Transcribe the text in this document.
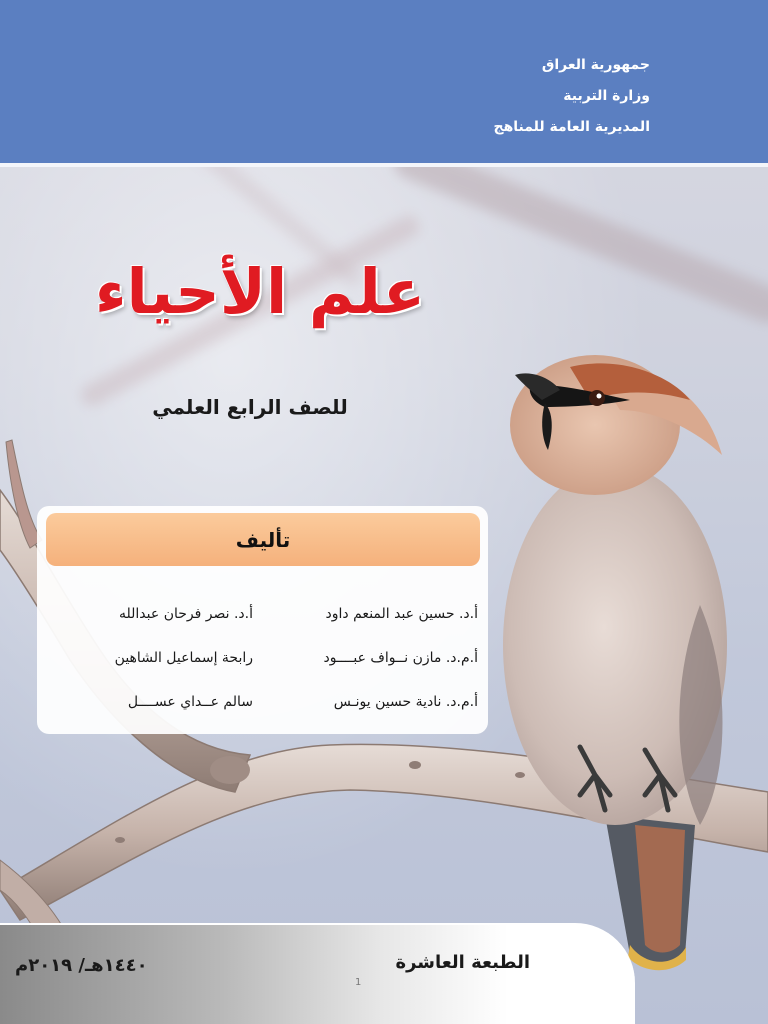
جمهورية العراق
وزارة التربية
المديرية العامة للمناهج
علم الأحياء
للصف الرابع العلمي
تأليف
أ.د. حسين عبد المنعم داود
أ.د. نصر فرحان عبدالله
أ.م.د. مازن نــواف عبــــود
رابحة إسماعيل الشاهين
أ.م.د. نادية حسين يونـس
سالم عــداي عســــل
الطبعة العاشرة
١٤٤٠هـ/ ٢٠١٩م
1
